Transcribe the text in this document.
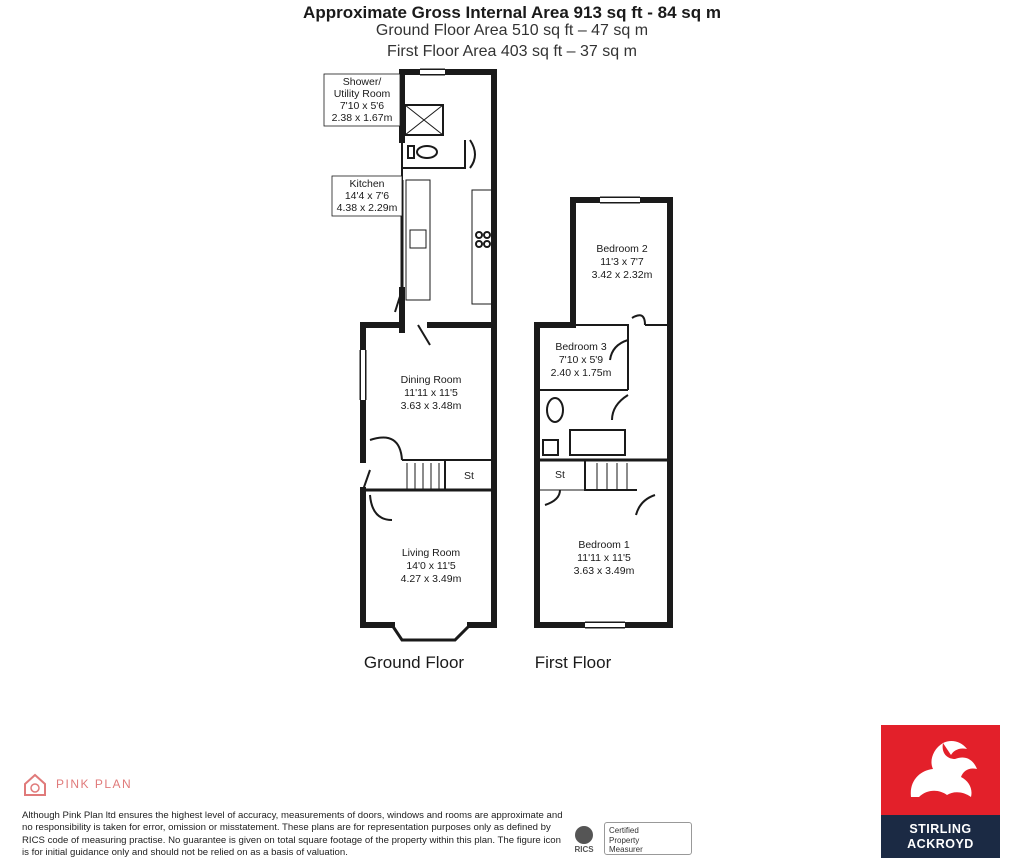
Approximate Gross Internal Area 913 sq ft - 84 sq m

Ground Floor Area 510 sq ft – 47 sq m

First Floor Area 403 sq ft – 37 sq m

Shower/
Utility Room
7'10 x 5'6
2.38 x 1.67m
Kitchen
14'4 x 7'6
4.38 x 2.29m
Dining Room
11'11 x 11'5
3.63 x 3.48m
St
Living Room
14'0 x 11'5
4.27 x 3.49m
Bedroom 2
11'3 x 7'7
3.42 x 2.32m
Bedroom 3
7'10 x 5'9
2.40 x 1.75m
St
Bedroom 1
11'11 x 11'5
3.63 x 3.49m
Ground Floor	First Floor
PINK PLAN

Although Pink Plan ltd ensures the highest level of accuracy, measurements of doors, windows and rooms are approximate and no responsibility is taken for error, omission or misstatement. These plans are for representation purposes only as defined by RICS code of measuring practise. No guarantee is given on total square footage of the property within this plan. The figure icon is for initial guidance only and should not be relied on as a basis of valuation.	RICS
Certified
Property
Measurer
STIRLING
ACKROYD
